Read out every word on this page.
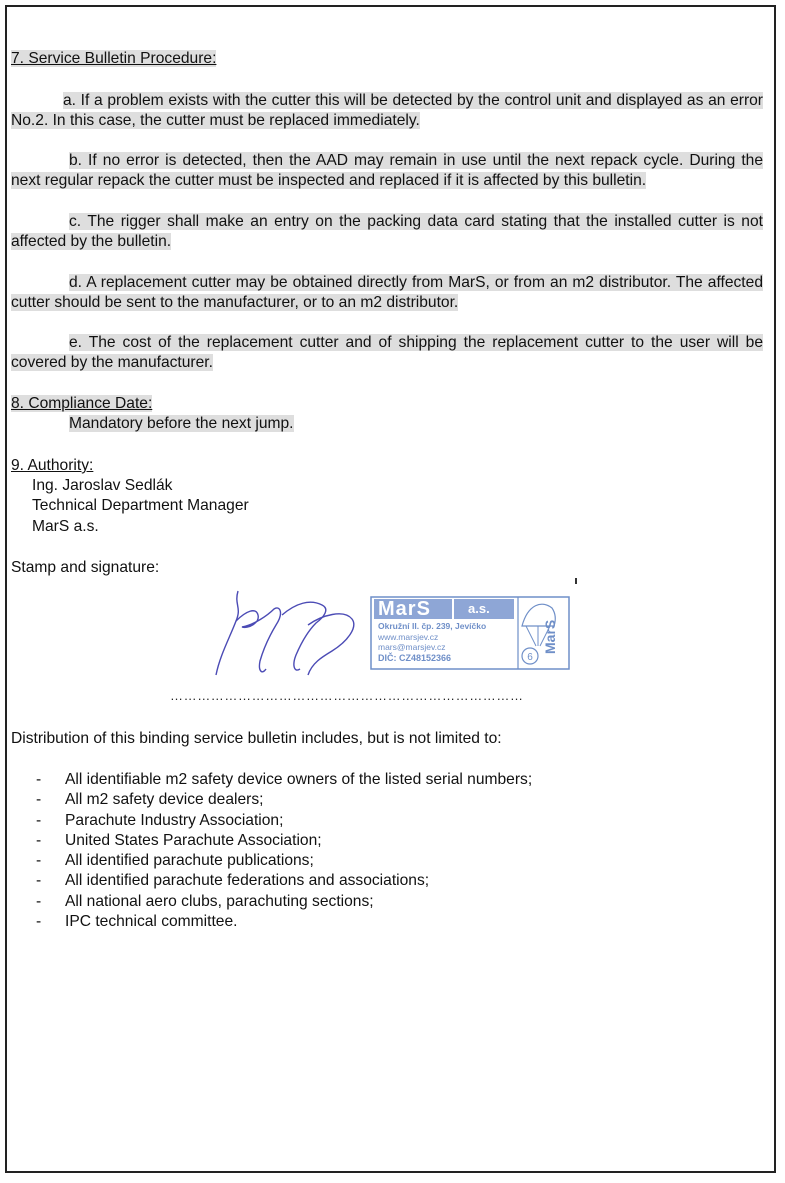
7. Service Bulletin Procedure:
a. If a problem exists with the cutter this will be detected by the control unit and displayed as an error No.2. In this case, the cutter must be replaced immediately.
b. If no error is detected, then the AAD may remain in use until the next repack cycle. During the next regular repack the cutter must be inspected and replaced if it is affected by this bulletin.
c. The rigger shall make an entry on the packing data card stating that the installed cutter is not affected by the bulletin.
d. A replacement cutter may be obtained directly from MarS, or from an m2 distributor. The affected cutter should be sent to the manufacturer, or to an m2 distributor.
e. The cost of the replacement cutter and of shipping the replacement cutter to the user will be covered by the manufacturer.
8. Compliance Date:
Mandatory before the next jump.
9. Authority:
Ing. Jaroslav Sedlák
Technical Department Manager
MarS a.s.
Stamp and signature:
6
MarS	a.s.
Okružní II. čp. 239, Jevíčko
www.marsjev.cz
mars@marsjev.cz
DIČ: CZ48152366
MarS
……………………………………………………………………
Distribution of this binding service bulletin includes, but is not limited to:
- All identifiable m2 safety device owners of the listed serial numbers;
- All m2 safety device dealers;
- Parachute Industry Association;
- United States Parachute Association;
- All identified parachute publications;
- All identified parachute federations and associations;
- All national aero clubs, parachuting sections;
- IPC technical committee.
